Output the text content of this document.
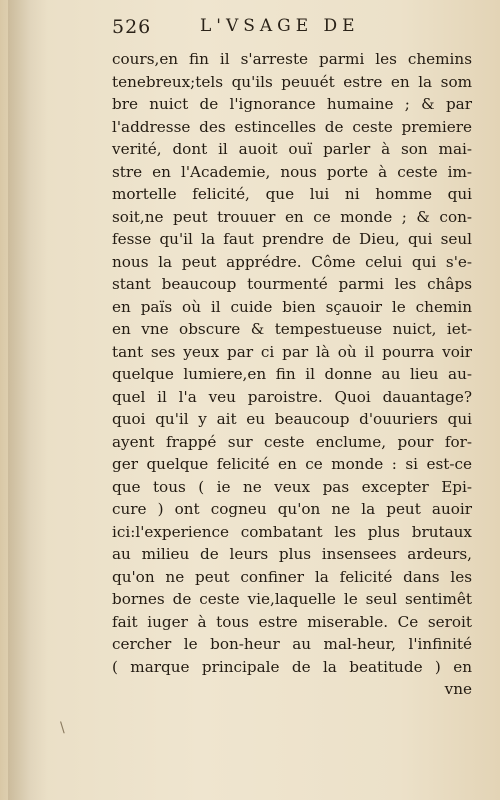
526	L'VSAGE DE
cours,en fin il s'arreste parmi les chemins
tenebreux;tels qu'ils peuuét estre en la som
bre nuict de l'ignorance humaine ; & par
l'addresse des estincelles de ceste premiere
verité, dont il auoit ouï parler à son mai-
stre en l'Academie, nous porte à ceste im-
mortelle felicité, que lui ni homme qui
soit,ne peut trouuer en ce monde ; & con-
fesse qu'il la faut prendre de Dieu, qui seul
nous la peut apprédre. Côme celui qui s'e-
stant beaucoup tourmenté parmi les châps
en païs où il cuide bien sçauoir le chemin
en vne obscure & tempestueuse nuict, iet-
tant ses yeux par ci par là où il pourra voir
quelque lumiere,en fin il donne au lieu au-
quel il l'a veu paroistre. Quoi dauantage?
quoi qu'il y ait eu beaucoup d'ouuriers qui
ayent frappé sur ceste enclume, pour for-
ger quelque felicité en ce monde : si est-ce
que tous ( ie ne veux pas excepter Epi-
cure ) ont cogneu qu'on ne la peut auoir
ici:l'experience combatant les plus brutaux
au milieu de leurs plus insensees ardeurs,
qu'on ne peut confiner la felicité dans les
bornes de ceste vie,laquelle le seul sentimêt
fait iuger à tous estre miserable. Ce seroit
cercher le bon-heur au mal-heur, l'infinité
( marque principale de la beatitude ) en
vne
\
